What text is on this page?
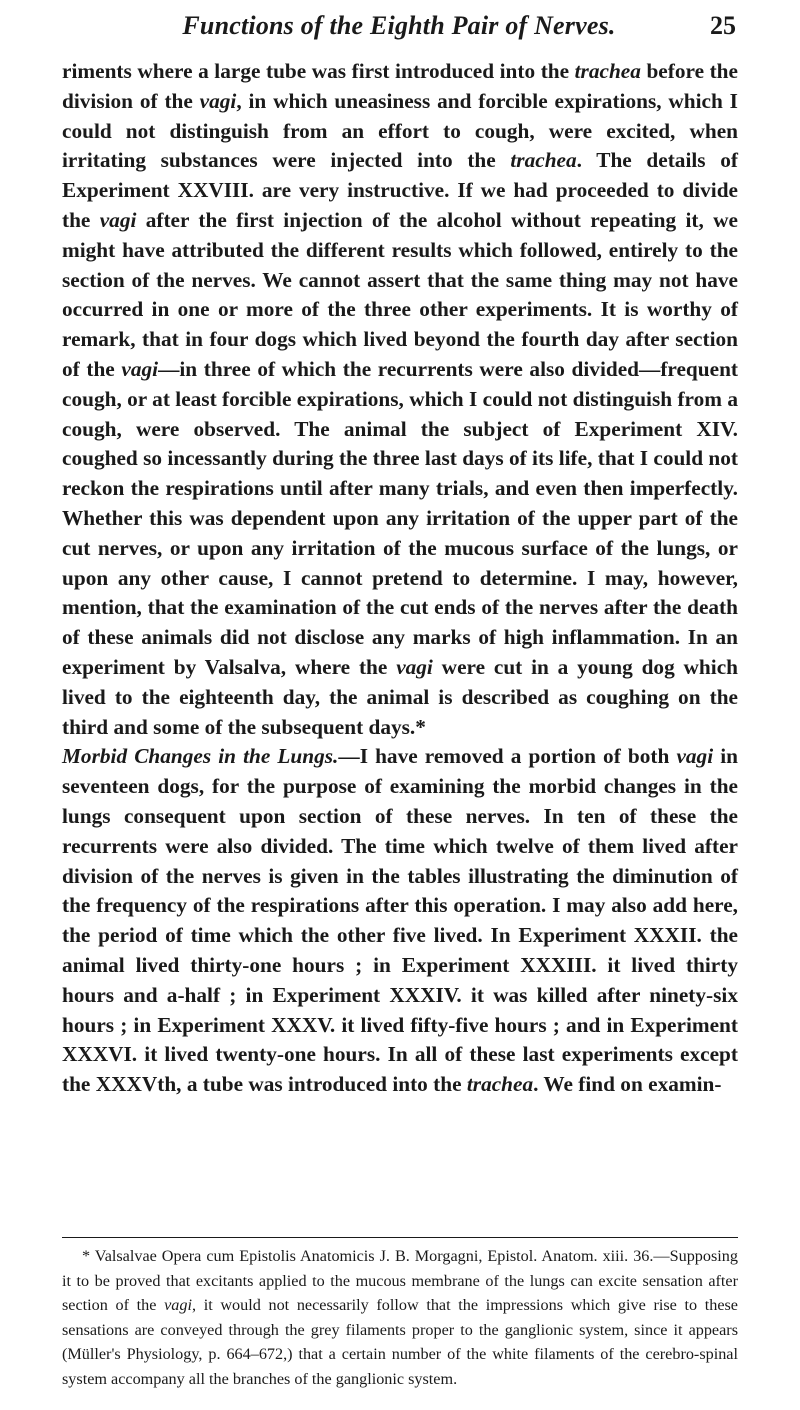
Functions of the Eighth Pair of Nerves.	25

riments where a large tube was first introduced into the trachea before the division of the vagi, in which uneasiness and forcible expirations, which I could not distinguish from an effort to cough, were excited, when irritating substances were injected into the trachea. The details of Experiment XXVIII. are very instructive. If we had proceeded to divide the vagi after the first injection of the alcohol without repeating it, we might have attributed the different results which followed, entirely to the section of the nerves. We cannot assert that the same thing may not have occurred in one or more of the three other experiments. It is worthy of remark, that in four dogs which lived beyond the fourth day after section of the vagi—in three of which the recurrents were also divided—frequent cough, or at least forcible expirations, which I could not distinguish from a cough, were observed. The animal the subject of Experiment XIV. coughed so incessantly during the three last days of its life, that I could not reckon the respirations until after many trials, and even then imperfectly. Whether this was dependent upon any irritation of the upper part of the cut nerves, or upon any irritation of the mucous surface of the lungs, or upon any other cause, I cannot pretend to determine. I may, however, mention, that the examination of the cut ends of the nerves after the death of these animals did not disclose any marks of high inflammation. In an experiment by Valsalva, where the vagi were cut in a young dog which lived to the eighteenth day, the animal is described as coughing on the third and some of the subsequent days.*

Morbid Changes in the Lungs.—I have removed a portion of both vagi in seventeen dogs, for the purpose of examining the morbid changes in the lungs consequent upon section of these nerves. In ten of these the recurrents were also divided. The time which twelve of them lived after division of the nerves is given in the tables illustrating the diminution of the frequency of the respirations after this operation. I may also add here, the period of time which the other five lived. In Experiment XXXII. the animal lived thirty-one hours ; in Experiment XXXIII. it lived thirty hours and a-half ; in Experiment XXXIV. it was killed after ninety-six hours ; in Experiment XXXV. it lived fifty-five hours ; and in Experiment XXXVI. it lived twenty-one hours. In all of these last experiments except the XXXVth, a tube was introduced into the trachea. We find on examin-

* Valsalvae Opera cum Epistolis Anatomicis J. B. Morgagni, Epistol. Anatom. xiii. 36.—Supposing it to be proved that excitants applied to the mucous membrane of the lungs can excite sensation after section of the vagi, it would not necessarily follow that the impressions which give rise to these sensations are conveyed through the grey filaments proper to the ganglionic system, since it appears (Müller's Physiology, p. 664–672,) that a certain number of the white filaments of the cerebro-spinal system accompany all the branches of the ganglionic system.
